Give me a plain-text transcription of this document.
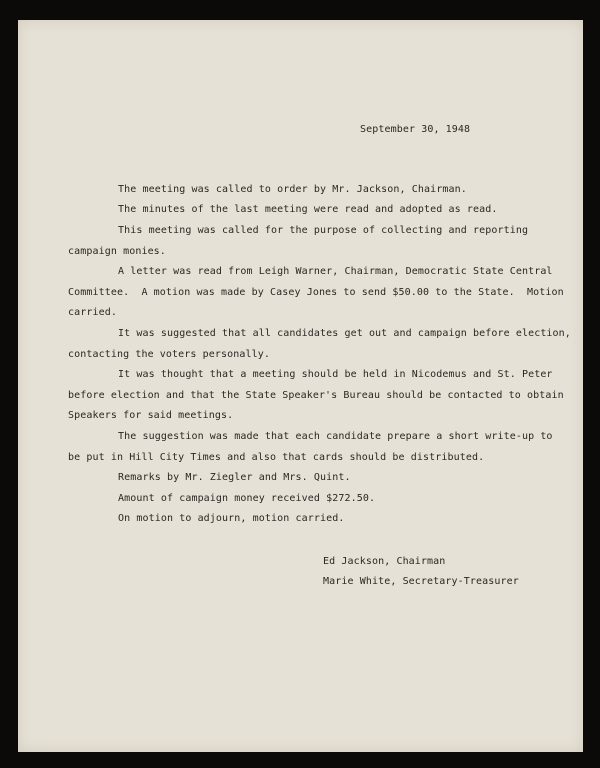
September 30, 1948
The meeting was called to order by Mr. Jackson, Chairman.
The minutes of the last meeting were read and adopted as read.
This meeting was called for the purpose of collecting and reporting
campaign monies.
A letter was read from Leigh Warner, Chairman, Democratic State Central
Committee.  A motion was made by Casey Jones to send $50.00 to the State.  Motion
carried.
It was suggested that all candidates get out and campaign before election,
contacting the voters personally.
It was thought that a meeting should be held in Nicodemus and St. Peter
before election and that the State Speaker's Bureau should be contacted to obtain
Speakers for said meetings.
The suggestion was made that each candidate prepare a short write-up to
be put in Hill City Times and also that cards should be distributed.
Remarks by Mr. Ziegler and Mrs. Quint.
Amount of campaign money received $272.50.
On motion to adjourn, motion carried.
Ed Jackson, Chairman
Marie White, Secretary-Treasurer
